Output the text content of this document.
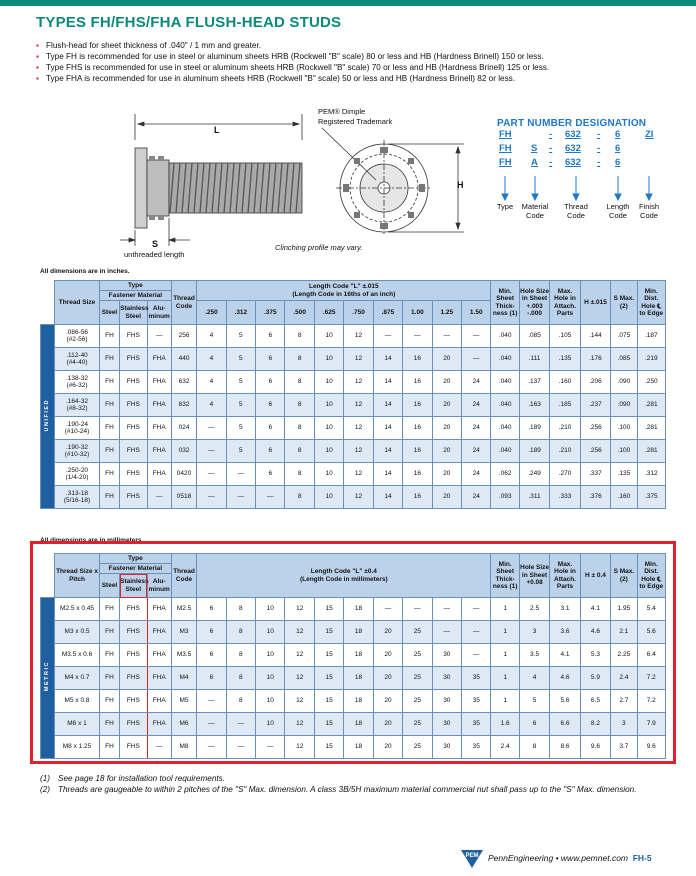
TYPES FH/FHS/FHA FLUSH-HEAD STUDS
▪ Flush-head for sheet thickness of .040" / 1 mm and greater.
▪ Type FH is recommended for use in steel or aluminum sheets HRB (Rockwell "B" scale) 80 or less and HB (Hardness Brinell) 150 or less.
▪ Type FHS is recommended for use in steel or aluminum sheets HRB (Rockwell "B" scale) 70 or less and HB (Hardness Brinell) 125 or less.
▪ Type FHA is recommended for use in aluminum sheets HRB (Rockwell "B" scale) 50 or less and HB (Hardness Brinell) 82 or less.
PEM® Dimple
Registered Trademark
L
H
S
unthreaded length
Clinching profile may vary.
PART NUMBER DESIGNATION
FH	- 632 - 6	ZI
FH S - 632 - 6
FH A - 632 - 6
Type	Material
Code
Thread
Code
Length
Code
Finish
Code
All dimensions are in inches.
	Thread Size	Type			Thread Code	Length Code "L" ±.015
(Length Code in 16ths of an inch)										Min. Sheet Thick- ness (1)	Hole Size in Sheet +.003 -.000	Max. Hole in Attach. Parts	H ±.015	S Max. (2)	Min. Dist. Hole ℄ to Edge
		Fastener Material																			
		Steel	Stainless Steel	Alu- minum		.250	.312	.375	.500	.625	.750	.875	1.00	1.25	1.50						
UNIFIED	.086-56
(#2-56)	FH	FHS	—	256	4	5	6	8	10	12	—	—	—	—	.040	.085	.105	.144	.075	.187

	.112-40
(#4-40)	FH	FHS	FHA	440	4	5	6	8	10	12	14	16	20	—	.040	.111	.135	.176	.085	.219

	.138-32
(#6-32)	FH	FHS	FHA	632	4	5	6	8	10	12	14	16	20	24	.040	.137	.160	.206	.090	.250

	.164-32
(#8-32)	FH	FHS	FHA	832	4	5	6	8	10	12	14	16	20	24	.040	.163	.185	.237	.090	.281

	.190-24
(#10-24)	FH	FHS	FHA	024	—	5	6	8	10	12	14	16	20	24	.040	.189	.210	.256	.100	.281

	.190-32
(#10-32)	FH	FHS	FHA	032	—	5	6	8	10	12	14	16	20	24	.040	.189	.210	.256	.100	.281

	.250-20
(1/4-20)	FH	FHS	FHA	0420	—	—	6	8	10	12	14	16	20	24	.062	.249	.270	.337	.135	.312

	.313-18
(5/16-18)	FH	FHS	—	0518	—	—	—	8	10	12	14	16	20	24	.093	.311	.333	.376	.160	.375
All dimensions are in millimeters.
	Thread Size x Pitch	Type			Thread Code	Length Code "L" ±0.4
(Length Code in millimeters)										Min. Sheet Thick- ness (1)	Hole Size in Sheet +0.08	Max. Hole in Attach. Parts	H ± 0.4	S Max. (2)	Min. Dist. Hole ℄ to Edge
		Fastener Material																			
		Steel	Stainless Steel	Alu- minum																	
METRIC	M2.5 x 0.45	FH	FHS	FHA	M2.5	6	8	10	12	15	18	—	—	—	—	1	2.5	3.1	4.1	1.95	5.4
	M3 x 0.5	FH	FHS	FHA	M3	6	8	10	12	15	18	20	25	—	—	1	3	3.6	4.6	2.1	5.6
	M3.5 x 0.6	FH	FHS	FHA	M3.5	6	8	10	12	15	18	20	25	30	—	1	3.5	4.1	5.3	2.25	6.4
	M4 x 0.7	FH	FHS	FHA	M4	6	8	10	12	15	18	20	25	30	35	1	4	4.6	5.9	2.4	7.2
	M5 x 0.8	FH	FHS	FHA	M5	—	8	10	12	15	18	20	25	30	35	1	5	5.6	6.5	2.7	7.2
	M6 x 1	FH	FHS	FHA	M6	—	—	10	12	15	18	20	25	30	35	1.6	6	6.6	8.2	3	7.9
	M8 x 1.25	FH	FHS	—	M8	—	—	—	12	15	18	20	25	30	35	2.4	8	8.6	9.6	3.7	9.6
(1) See page 18 for installation tool requirements.
(2) Threads are gaugeable to within 2 pitches of the "S" Max. dimension. A class 3B/5H maximum material commercial nut shall pass up to the "S" Max. dimension.
PEM PennEngineering • www.pemnet.com FH-5
